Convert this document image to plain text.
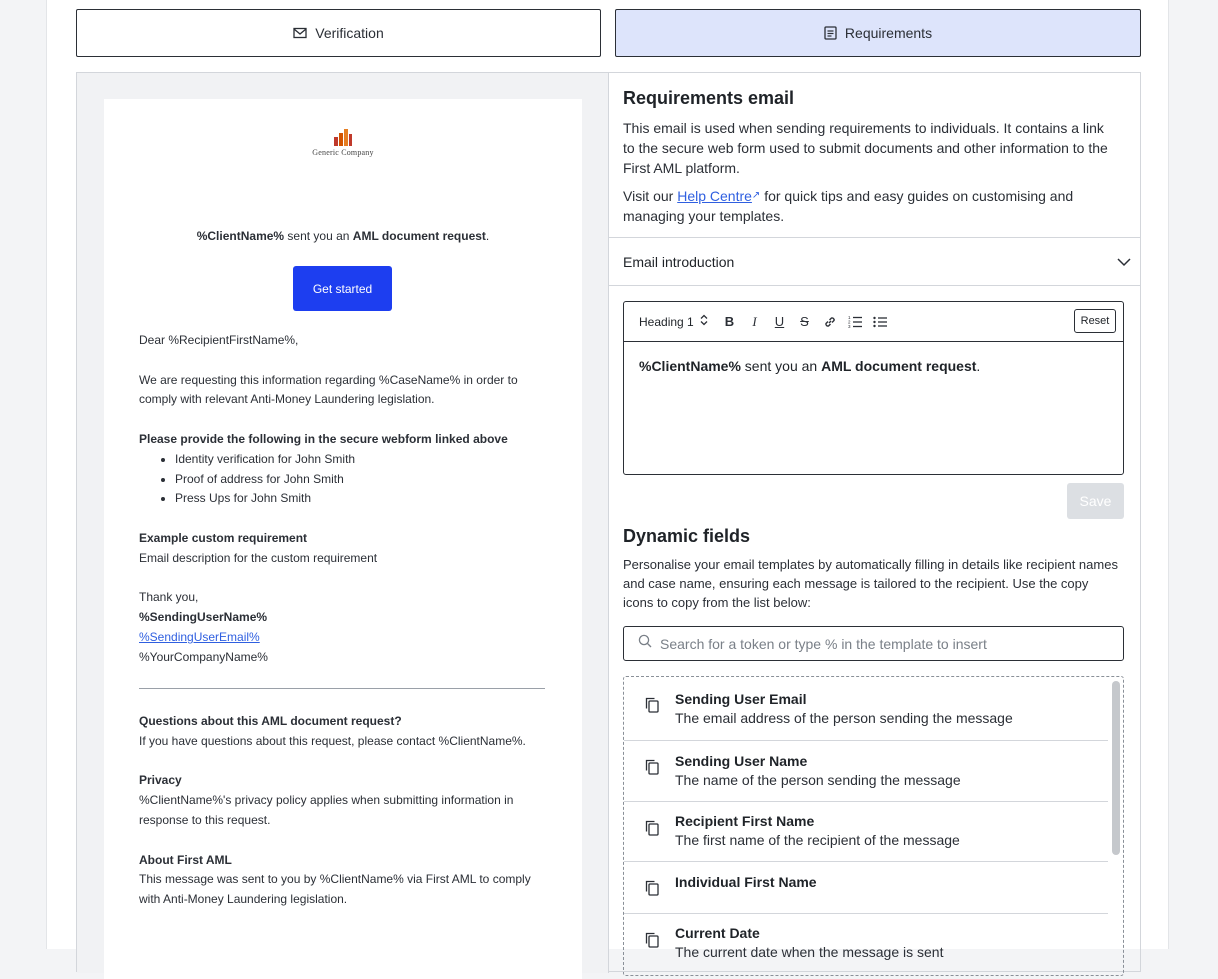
Verification	Requirements
Generic Company
%ClientName% sent you an AML document request.
Get started

Dear %RecipientFirstName%,

We are requesting this information regarding %CaseName% in order to comply with relevant Anti-Money Laundering legislation.

Please provide the following in the secure webform linked above

• Identity verification for John Smith
• Proof of address for John Smith
• Press Ups for John Smith

Example custom requirement

Email description for the custom requirement

Thank you,

%SendingUserName%

%SendingUserEmail%

%YourCompanyName%

Questions about this AML document request?

If you have questions about this request, please contact %ClientName%.

Privacy

%ClientName%'s privacy policy applies when submitting information in response to this request.

About First AML

This message was sent to you by %ClientName% via First AML to comply with Anti-Money Laundering legislation.

Requirements email

This email is used when sending requirements to individuals. It contains a link to the secure web form used to submit documents and other information to the First AML platform.

Visit our Help Centre↗ for quick tips and easy guides on customising and managing your templates.

Email introduction
Heading 1 B I U S	1
2
3	Reset
%ClientName% sent you an AML document request.
Save
Dynamic fields

Personalise your email templates by automatically filling in details like recipient names and case name, ensuring each message is tailored to the recipient. Use the copy icons to copy from the list below:

Search for a token or type % in the template to insert
Sending User Email
The email address of the person sending the message
Sending User Name
The name of the person sending the message
Recipient First Name
The first name of the recipient of the message
Individual First Name
Current Date
The current date when the message is sent
